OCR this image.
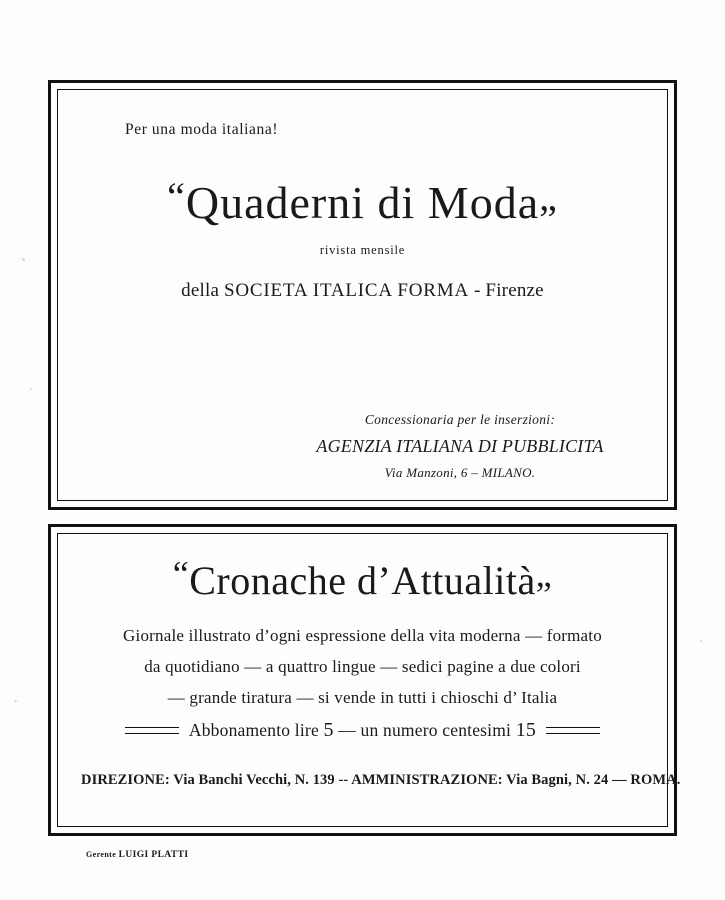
Per una moda italiana!
“Quaderni di Moda„
rivista mensile
della SOCIETA ITALICA FORMA - Firenze
Concessionaria per le inserzioni:
AGENZIA ITALIANA DI PUBBLICITA
Via Manzoni, 6 – MILANO.
“Cronache d’Attualità„
Giornale illustrato d’ogni espressione della vita moderna — formato
da quotidiano — a quattro lingue — sedici pagine a due colori
— grande tiratura — si vende in tutti i chioschi d’ Italia
Abbonamento lire 5 — un numero centesimi 15
DIREZIONE: Via Banchi Vecchi, N. 139 -- AMMINISTRAZIONE: Via Bagni, N. 24 — ROMA.
Gerente LUIGI PLATTI
